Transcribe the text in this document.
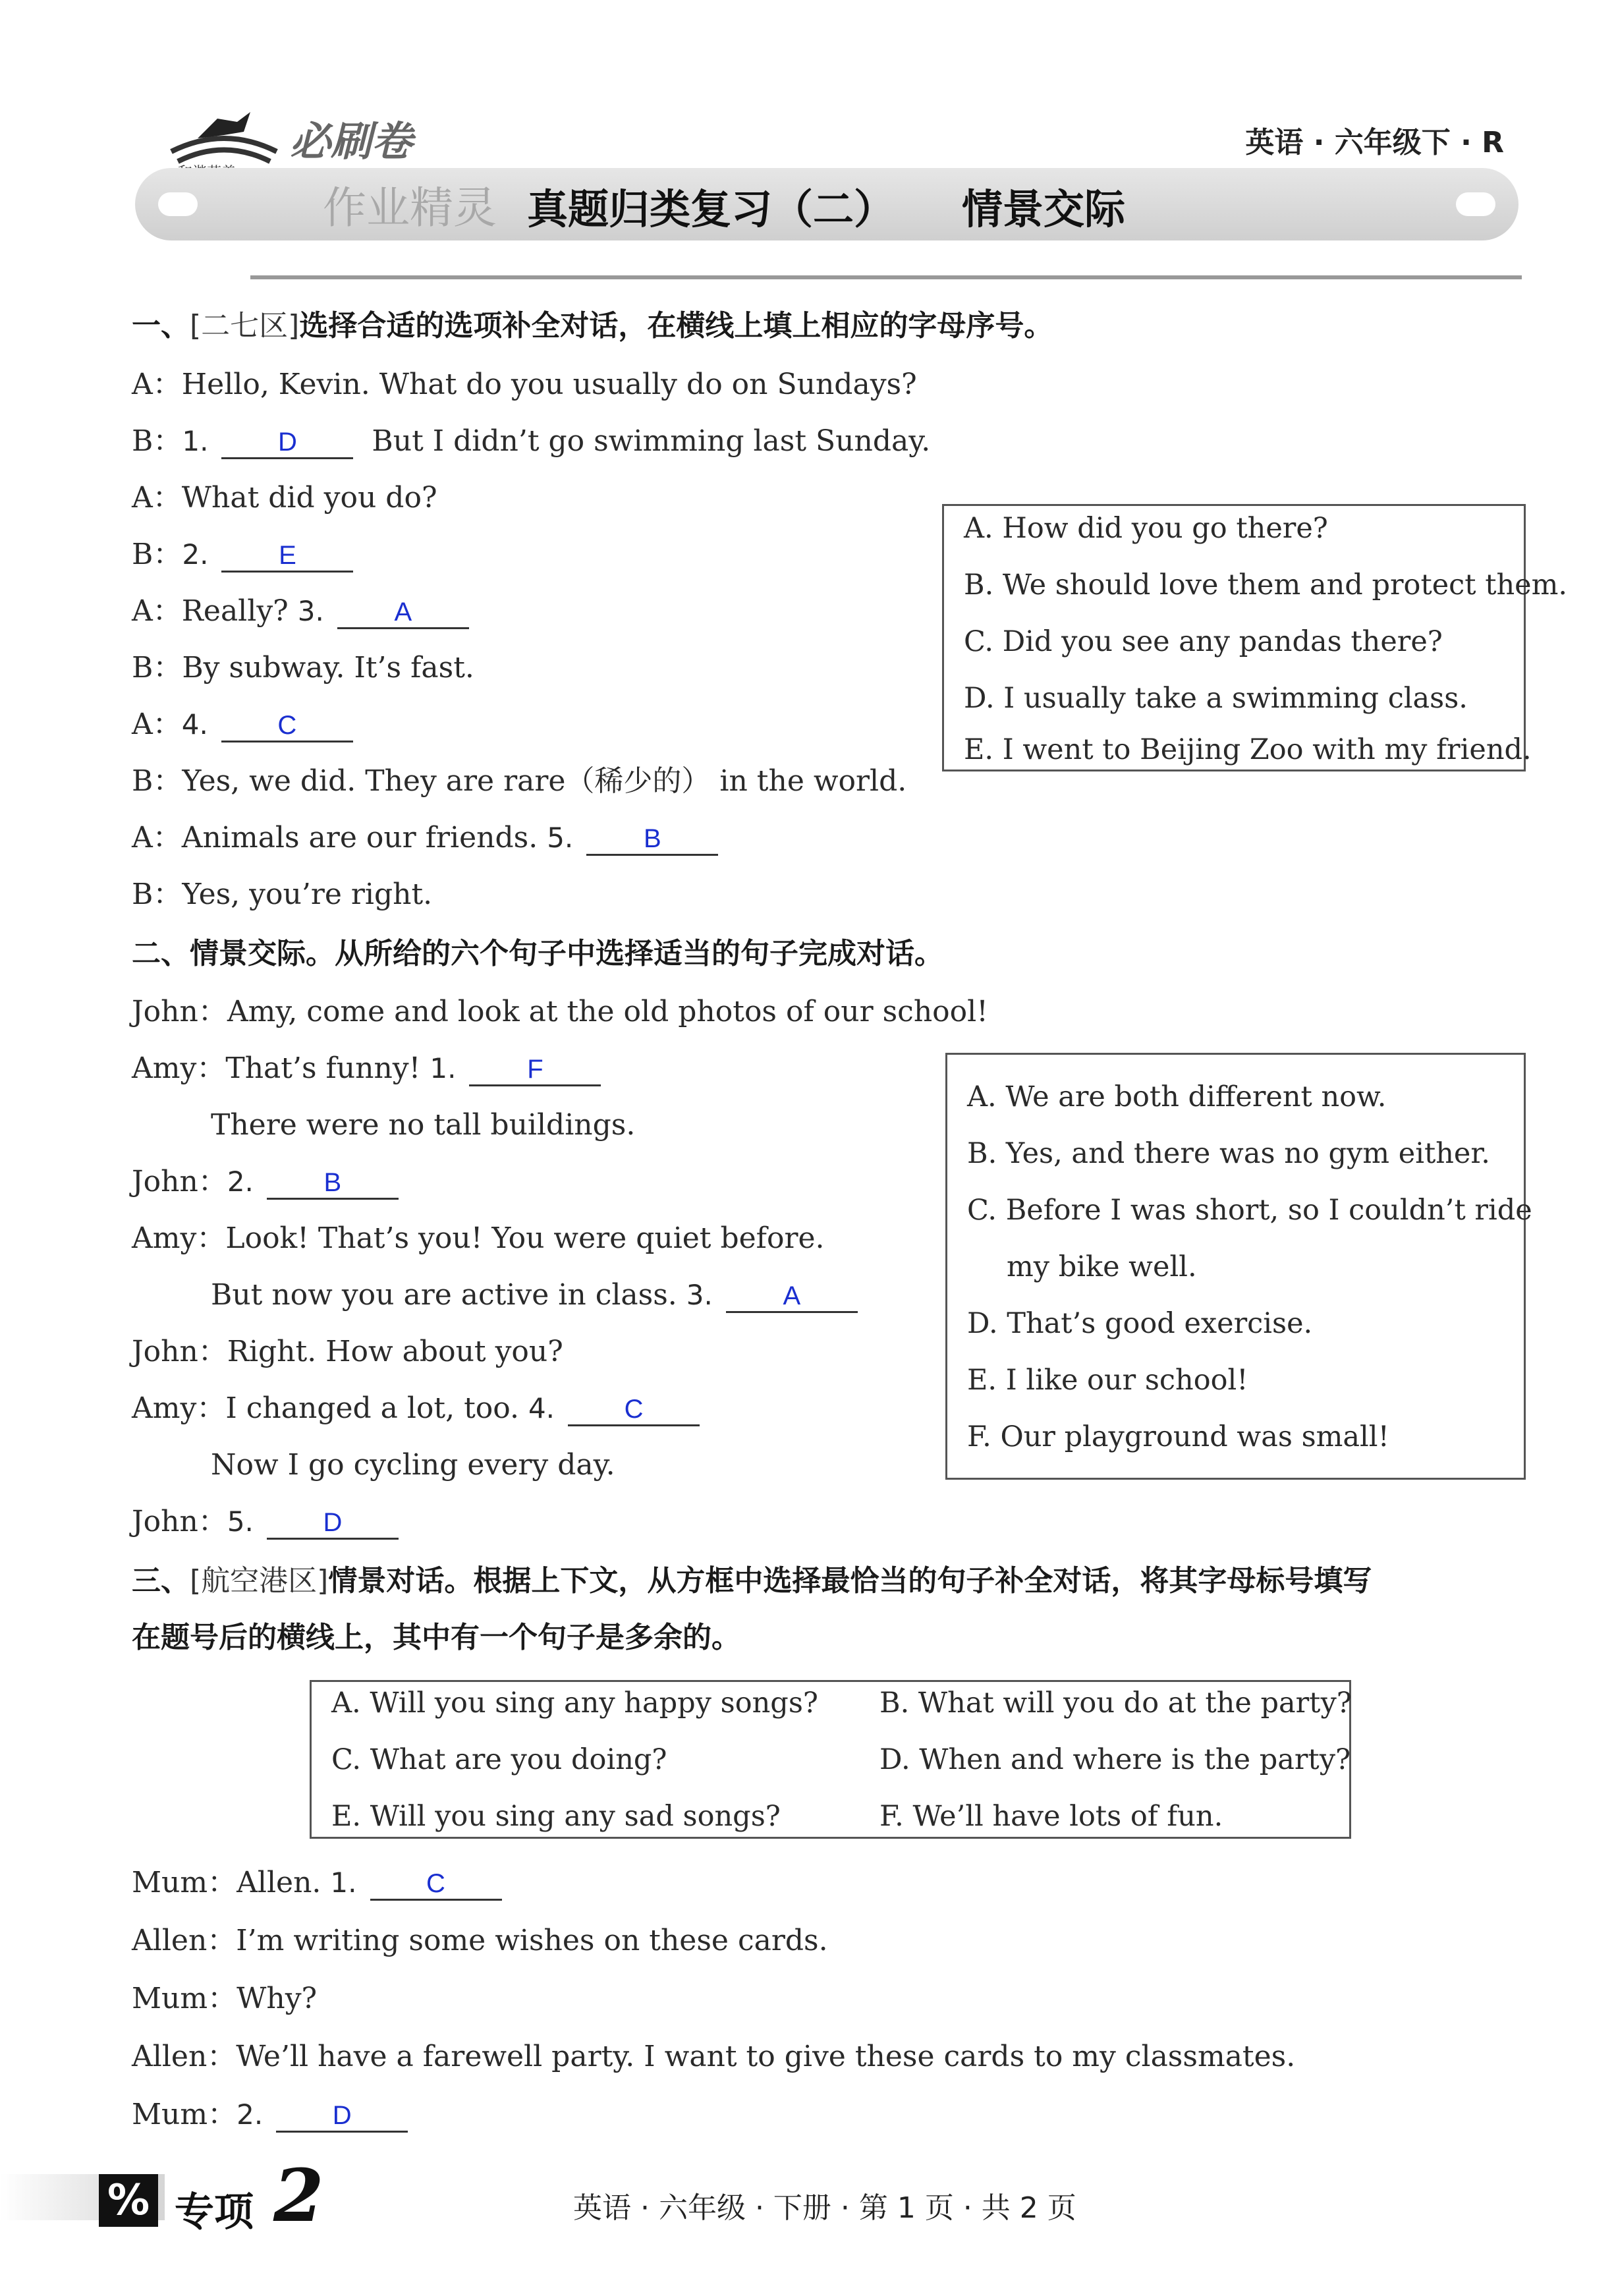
必刷卷	英语 · 六年级下 · R
作业精灵 真题归类复习（二） 情景交际
一、[二七区]选择合适的选项补全对话，在横线上填上相应的字母序号。
A：Hello, Kevin. What do you usually do on Sundays?
B：1.	D	But I didn’t go swimming last Sunday.
A：What did you do?
B：2.	E
A：Really? 3.	A
B：By subway. It’s fast.
A：4.	C
B：Yes, we did. They are rare（稀少的） in the world.
A：Animals are our friends. 5.	B
B：Yes, you’re right.
A. How did you go there?
B. We should love them and protect them.
C. Did you see any pandas there?
D. I usually take a swimming class.
E. I went to Beijing Zoo with my friend.
二、情景交际。从所给的六个句子中选择适当的句子完成对话。
John：Amy, come and look at the old photos of our school!
Amy：That’s funny! 1.	F
There were no tall buildings.
John：2.	B
Amy：Look! That’s you! You were quiet before.
But now you are active in class. 3.	A
John：Right. How about you?
Amy：I changed a lot, too. 4.	C
Now I go cycling every day.
John：5.	D
A. We are both different now.
B. Yes, and there was no gym either.
C. Before I was short, so I couldn’t ride
my bike well.
D. That’s good exercise.
E. I like our school!
F. Our playground was small!
三、[航空港区]情景对话。根据上下文，从方框中选择最恰当的句子补全对话，将其字母标号填写
在题号后的横线上，其中有一个句子是多余的。
A. Will you sing any happy songs? B. What will you do at the party?
C. What are you doing?	D. When and where is the party?
E. Will you sing any sad songs?	F. We’ll have lots of fun.
Mum：Allen. 1.	C
Allen：I’m writing some wishes on these cards.
Mum：Why?
Allen：We’ll have a farewell party. I want to give these cards to my classmates.
Mum：2.	D
% 专项 2	英语 · 六年级 · 下册 · 第 1 页 · 共 2 页
